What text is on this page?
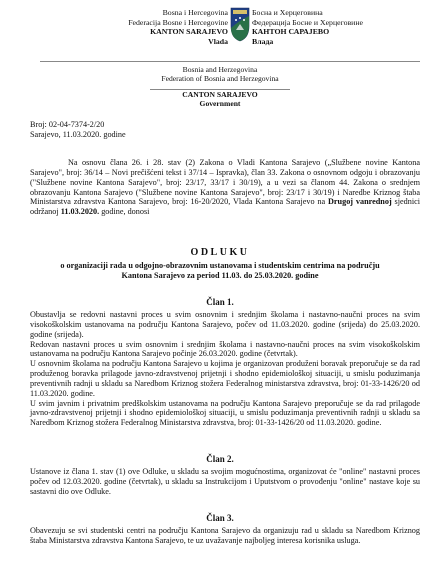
Bosna i Hercegovina
Federacija Bosne i Hercegovine
KANTON SARAJEVO
Vlada
Босна и Херцеговина
Федерација Босне и Херцеговине
КАНТОН САРАЈЕВО
Влада
Bosnia and Herzegovina
Federation of Bosnia and Herzegovina
CANTON SARAJEVO
Government
Broj: 02-04-7374-2/20
Sarajevo, 11.03.2020. godine
Na osnovu člana 26. i 28. stav (2) Zakona o Vladi Kantona Sarajevo („Službene novine Kantona Sarajevo", broj: 36/14 – Novi prečišćeni tekst i 37/14 – Ispravka), član 33. Zakona o osnovnom odgoju i obrazovanju ("Službene novine Kantona Sarajevo", broj: 23/17, 33/17 i 30/19), a u vezi sa članom 44. Zakona o srednjem obrazovanju Kantona Sarajevo ("Službene novine Kantona Sarajevo", broj: 23/17 i 30/19) i Naredbe Kriznog štaba Ministarstva zdravstva Kantona Sarajevo, broj: 16-20/2020, Vlada Kantona Sarajevo na Drugoj vanrednoj sjednici održanoj 11.03.2020. godine, donosi
ODLUKU
o organizaciji rada u odgojno-obrazovnim ustanovama i studentskim centrima na području
Kantona Sarajevo za period 11.03. do 25.03.2020. godine
Član 1.

Obustavlja se redovni nastavni proces u svim osnovnim i srednjim školama i nastavno-naučni proces na svim visokoškolskim ustanovama na području Kantona Sarajevo, počev od 11.03.2020. godine (srijeda) do 25.03.2020. godine (srijeda).

Redovan nastavni proces u svim osnovnim i srednjim školama i nastavno-naučni proces na svim visokoškolskim ustanovama na području Kantona Sarajevo počinje 26.03.2020. godine (četvrtak).

U osnovnim školama na području Kantona Sarajevo u kojima je organizovan produženi boravak preporučuje se da rad produženog boravka prilagode javno-zdravstvenoj prijetnji i shodno epidemiološkoj situaciji, u smislu poduzimanja preventivnih radnji u skladu sa Naredbom Kriznog stožera Federalnog ministarstva zdravstva, broj: 01-33-1426/20 od 11.03.2020. godine.

U svim javnim i privatnim predškolskim ustanovama na području Kantona Sarajevo preporučuje se da rad prilagode javno-zdravstvenoj prijetnji i shodno epidemiološkoj situaciji, u smislu poduzimanja preventivnih radnji u skladu sa Naredbom Kriznog stožera Federalnog Ministarstva zdravstva, broj: 01-33-1426/20 od 11.03.2020. godine.

Član 2.

Ustanove iz člana 1. stav (1) ove Odluke, u skladu sa svojim mogućnostima, organizovat će "online" nastavni proces počev od 12.03.2020. godine (četvrtak), u skladu sa Instrukcijom i Uputstvom o provođenju "online" nastave koje su sastavni dio ove Odluke.

Član 3.

Obavezuju se svi studentski centri na području Kantona Sarajevo da organizuju rad u skladu sa Naredbom Kriznog štaba Ministarstva zdravstva Kantona Sarajevo, te uz uvažavanje najboljeg interesa korisnika usluga.
